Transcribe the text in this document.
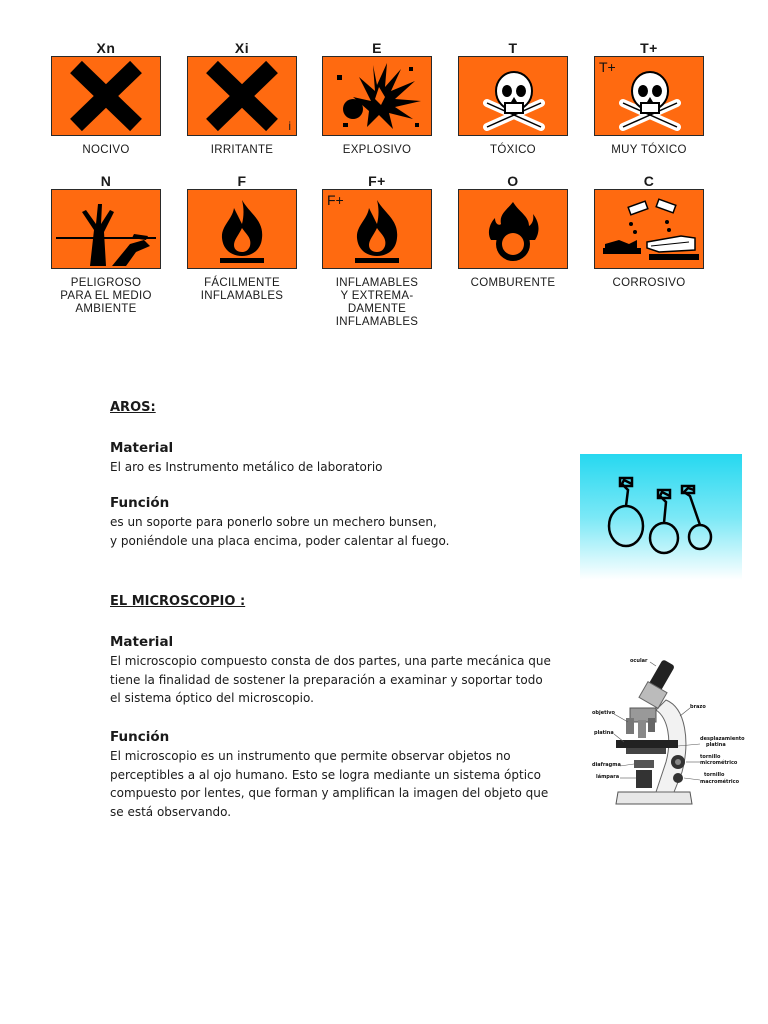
Xn
NOCIVO
Xi
i
IRRITANTE
E
EXPLOSIVO
T
TÓXICO
T+
T+
MUY TÓXICO
N
PELIGROSO
PARA EL MEDIO
AMBIENTE
F
FÁCILMENTE
INFLAMABLES
F+
F+
INFLAMABLES
Y EXTREMA-
DAMENTE
INFLAMABLES
O
COMBURENTE
C
CORROSIVO
AROS:
Material
El aro es Instrumento metálico de laboratorio
Función
es un soporte para ponerlo sobre un mechero bunsen,
y poniéndole una placa encima, poder calentar al fuego.
EL MICROSCOPIO :
Material
El microscopio compuesto consta de dos partes, una parte mecánica que
tiene la finalidad de sostener la preparación a examinar y soportar todo
el sistema óptico del microscopio.
Función
El microscopio es un instrumento que permite observar objetos no
perceptibles a al ojo humano. Esto se logra mediante un sistema óptico
compuesto por lentes, que forman y amplifican la imagen del objeto que
se está observando.
ocular
brazo
objetivo
platina
desplazamiento
platina
tornillo
micrométrico
diafragma
lámpara	tornillo
macrométrico
